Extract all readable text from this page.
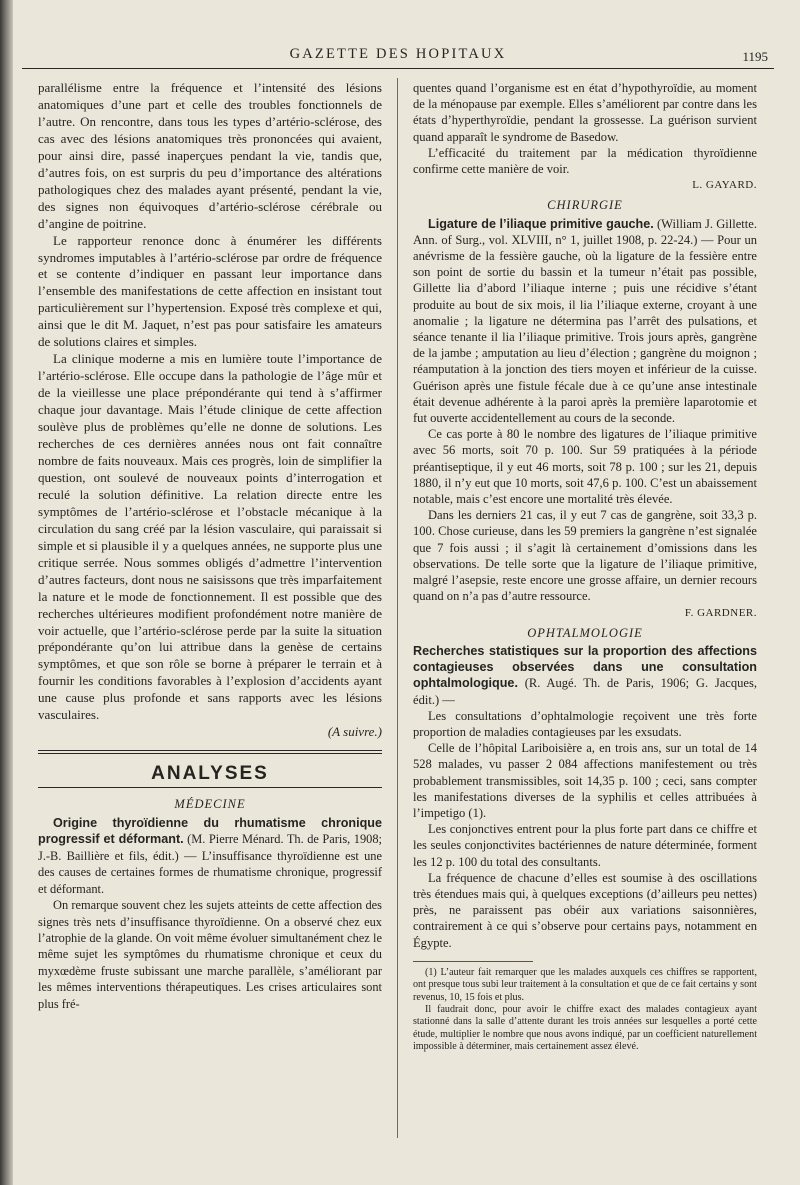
GAZETTE DES HOPITAUX	1195

parallélisme entre la fréquence et l’intensité des lésions anatomiques d’une part et celle des troubles fonctionnels de l’autre. On rencontre, dans tous les types d’artério-sclérose, des cas avec des lésions anatomiques très prononcées qui avaient, pour ainsi dire, passé inaperçues pendant la vie, tandis que, d’autres fois, on est surpris du peu d’importance des altérations pathologiques chez des malades ayant présenté, pendant la vie, des signes non équivoques d’artério-sclérose cérébrale ou d’angine de poitrine.

Le rapporteur renonce donc à énumérer les différents syndromes imputables à l’artério-sclérose par ordre de fréquence et se contente d’indiquer en passant leur importance dans l’ensemble des manifestations de cette affection en insistant tout particulièrement sur l’hypertension. Exposé très complexe et qui, ainsi que le dit M. Jaquet, n’est pas pour satisfaire les amateurs de solutions claires et simples.

La clinique moderne a mis en lumière toute l’importance de l’artério-sclérose. Elle occupe dans la pathologie de l’âge mûr et de la vieillesse une place prépondérante qui tend à s’affirmer chaque jour davantage. Mais l’étude clinique de cette affection soulève plus de problèmes qu’elle ne donne de solutions. Les recherches de ces dernières années nous ont fait connaître nombre de faits nouveaux. Mais ces progrès, loin de simplifier la question, ont soulevé de nouveaux points d’interrogation et reculé la solution définitive. La relation directe entre les symptômes de l’artério-sclérose et l’obstacle mécanique à la circulation du sang créé par la lésion vasculaire, qui paraissait si simple et si plausible il y a quelques années, ne supporte plus une critique serrée. Nous sommes obligés d’admettre l’intervention d’autres facteurs, dont nous ne saisissons que très imparfaitement la nature et le mode de fonctionnement. Il est possible que des recherches ultérieures modifient profondément notre manière de voir actuelle, que l’artério-sclérose perde par la suite la situation prépondérante qu’on lui attribue dans la genèse de certains symptômes, et que son rôle se borne à préparer le terrain et à fournir les conditions favorables à l’explosion d’accidents ayant une cause plus profonde et sans rapports avec les lésions vasculaires.

(A suivre.)
ANALYSES
MÉDECINE

Origine thyroïdienne du rhumatisme chronique progressif et déformant. (M. Pierre Ménard. Th. de Paris, 1908; J.-B. Baillière et fils, édit.) — L’insuffisance thyroïdienne est une des causes de certaines formes de rhumatisme chronique, progressif et déformant.

On remarque souvent chez les sujets atteints de cette affection des signes très nets d’insuffisance thyroïdienne. On a observé chez eux l’atrophie de la glande. On voit même évoluer simultanément chez le même sujet les symptômes du rhumatisme chronique et ceux du myxœdème fruste subissant une marche parallèle, s’améliorant par les mêmes interventions thérapeutiques. Les crises articulaires sont plus fré-

quentes quand l’organisme est en état d’hypothyroïdie, au moment de la ménopause par exemple. Elles s’améliorent par contre dans les états d’hyperthyroïdie, pendant la grossesse. La guérison survient quand apparaît le syndrome de Basedow.

L’efficacité du traitement par la médication thyroïdienne confirme cette manière de voir.

L. GAYARD.
CHIRURGIE

Ligature de l’iliaque primitive gauche. (William J. Gillette. Ann. of Surg., vol. XLVIII, n° 1, juillet 1908, p. 22-24.) — Pour un anévrisme de la fessière gauche, où la ligature de la fessière entre son point de sortie du bassin et la tumeur n’était pas possible, Gillette lia d’abord l’iliaque interne ; puis une récidive s’étant produite au bout de six mois, il lia l’iliaque externe, croyant à une anomalie ; la ligature ne détermina pas l’arrêt des pulsations, et séance tenante il lia l’iliaque primitive. Trois jours après, gangrène de la jambe ; amputation au lieu d’élection ; gangrène du moignon ; réamputation à la jonction des tiers moyen et inférieur de la cuisse. Guérison après une fistule fécale due à ce qu’une anse intestinale était devenue adhérente à la paroi après la première laparotomie et fut ouverte accidentellement au cours de la seconde.

Ce cas porte à 80 le nombre des ligatures de l’iliaque primitive avec 56 morts, soit 70 p. 100. Sur 59 pratiquées à la période préantiseptique, il y eut 46 morts, soit 78 p. 100 ; sur les 21, depuis 1880, il n’y eut que 10 morts, soit 47,6 p. 100. C’est un abaissement notable, mais c’est encore une mortalité très élevée.

Dans les derniers 21 cas, il y eut 7 cas de gangrène, soit 33,3 p. 100. Chose curieuse, dans les 59 premiers la gangrène n’est signalée que 7 fois aussi ; il s’agit là certainement d’omissions dans les observations. De telle sorte que la ligature de l’iliaque primitive, malgré l’asepsie, reste encore une grosse affaire, un dernier recours quand on n’a pas d’autre ressource.

F. GARDNER.
OPHTALMOLOGIE

Recherches statistiques sur la proportion des affections contagieuses observées dans une consultation ophtalmologique. (R. Augé. Th. de Paris, 1906; G. Jacques, édit.) —

Les consultations d’ophtalmologie reçoivent une très forte proportion de maladies contagieuses par les exsudats.

Celle de l’hôpital Lariboisière a, en trois ans, sur un total de 14 528 malades, vu passer 2 084 affections manifestement ou très probablement transmissibles, soit 14,35 p. 100 ; ceci, sans compter les manifestations diverses de la syphilis et celles attribuées à l’impetigo (1).

Les conjonctives entrent pour la plus forte part dans ce chiffre et les seules conjonctivites bactériennes de nature déterminée, forment les 12 p. 100 du total des consultants.

La fréquence de chacune d’elles est soumise à des oscillations très étendues mais qui, à quelques exceptions (d’ailleurs peu nettes) près, ne paraissent pas obéir aux variations saisonnières, contrairement à ce qui s’observe pour certains pays, notamment en Égypte.

(1) L’auteur fait remarquer que les malades auxquels ces chiffres se rapportent, ont presque tous subi leur traitement à la consultation et que de ce fait certains y sont revenus, 10, 15 fois et plus.

Il faudrait donc, pour avoir le chiffre exact des malades contagieux ayant stationné dans la salle d’attente durant les trois années sur lesquelles a porté cette étude, multiplier le nombre que nous avons indiqué, par un coefficient naturellement impossible à déterminer, mais certainement assez élevé.
